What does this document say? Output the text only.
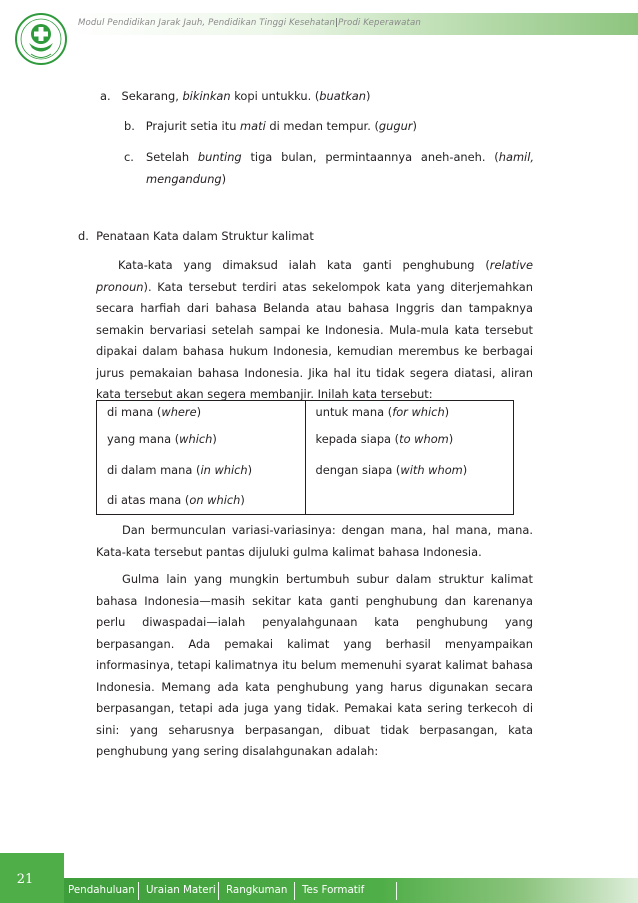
Modul Pendidikan Jarak Jauh, Pendidikan Tinggi Kesehatan|Prodi Keperawatan
a. Sekarang, bikinkan kopi untukku. (buatkan)
b. Prajurit setia itu mati di medan tempur. (gugur)
c. Setelah bunting tiga bulan, permintaannya aneh-aneh. (hamil,
mengandung)
d. Penataan Kata dalam Struktur kalimat

Kata-kata yang dimaksud ialah kata ganti penghubung (relative pronoun). Kata tersebut terdiri atas sekelompok kata yang diterjemahkan secara harfiah dari bahasa Belanda atau bahasa Inggris dan tampaknya semakin bervariasi setelah sampai ke Indonesia. Mula-mula kata tersebut dipakai dalam bahasa hukum Indonesia, kemudian merembus ke berbagai jurus pemakaian bahasa Indonesia. Jika hal itu tidak segera diatasi, aliran kata tersebut akan segera membanjir. Inilah kata tersebut:

di mana (where)	untuk mana (for which)
yang mana (which)	kepada siapa (to whom)
di dalam mana (in which)	dengan siapa (with whom)
di atas mana (on which)	

Dan bermunculan variasi-variasinya: dengan mana, hal mana, mana. Kata-kata tersebut pantas dijuluki gulma kalimat bahasa Indonesia.

Gulma lain yang mungkin bertumbuh subur dalam struktur kalimat bahasa Indonesia—masih sekitar kata ganti penghubung dan karenanya perlu diwaspadai—ialah penyalahgunaan kata penghubung yang berpasangan. Ada pemakai kalimat yang berhasil menyampaikan informasinya, tetapi kalimatnya itu belum memenuhi syarat kalimat bahasa Indonesia. Memang ada kata penghubung yang harus digunakan secara berpasangan, tetapi ada juga yang tidak. Pemakai kata sering terkecoh di sini: yang seharusnya berpasangan, dibuat tidak berpasangan, kata penghubung yang sering disalahgunakan adalah:

21
Pendahuluan Uraian Materi Rangkuman Tes Formatif
